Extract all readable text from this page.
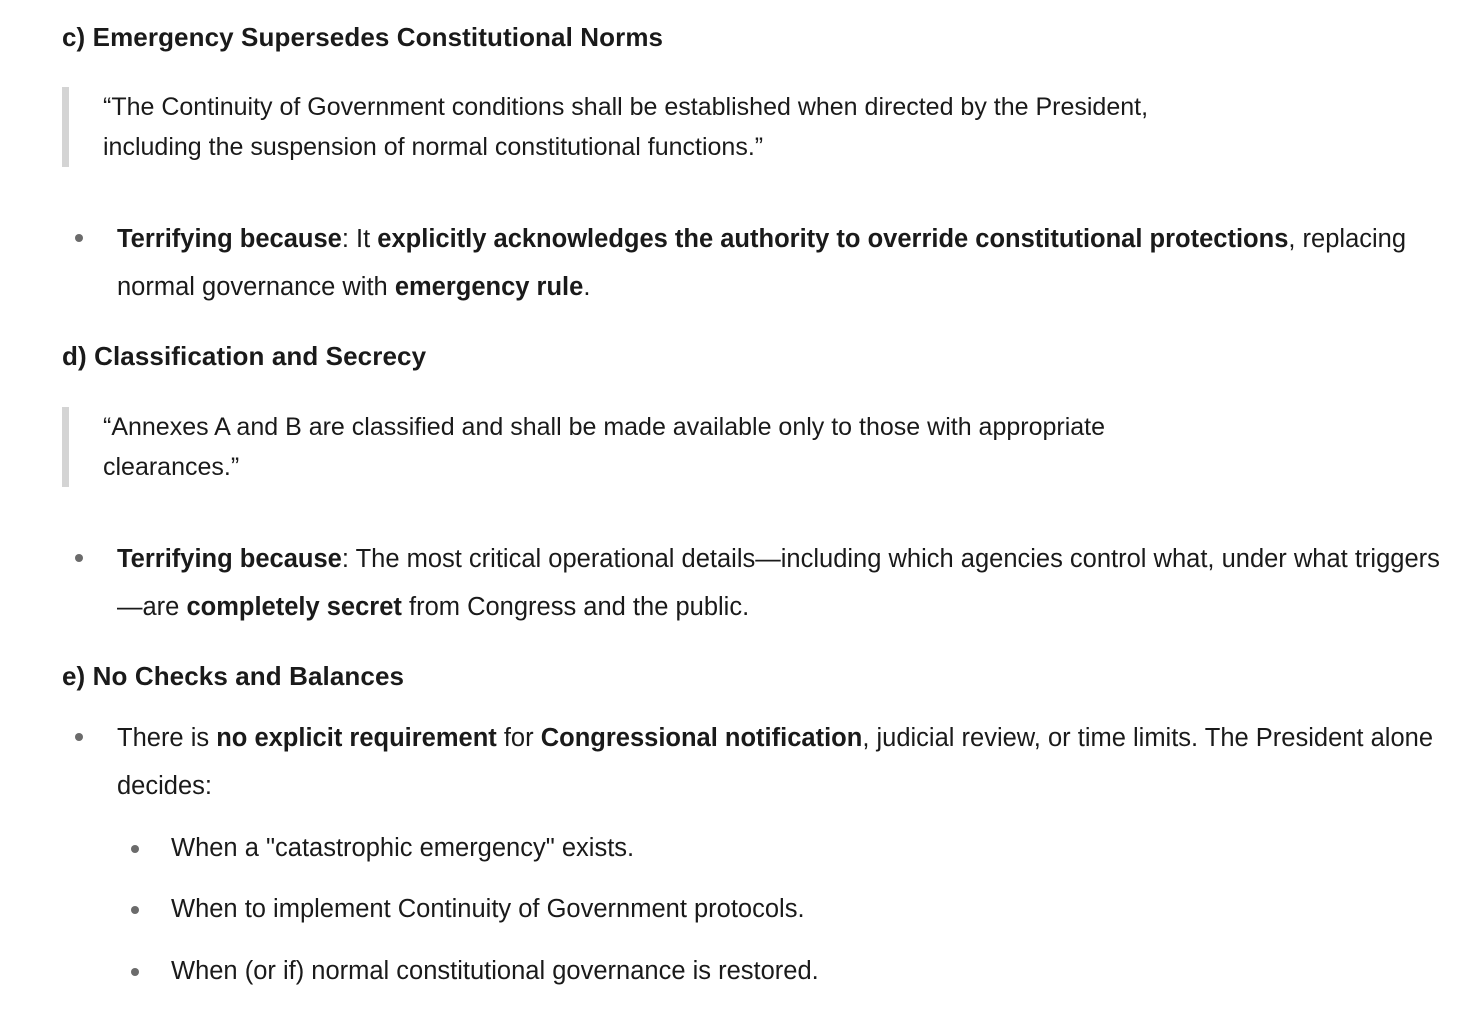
c) Emergency Supersedes Constitutional Norms
“The Continuity of Government conditions shall be established when directed by the President,
including the suspension of normal constitutional functions.”
Terrifying because: It explicitly acknowledges the authority to override constitutional protections, replacing normal governance with emergency rule.
d) Classification and Secrecy
“Annexes A and B are classified and shall be made available only to those with appropriate
clearances.”
Terrifying because: The most critical operational details—including which agencies control what, under what triggers—are completely secret from Congress and the public.
e) No Checks and Balances
There is no explicit requirement for Congressional notification, judicial review, or time limits. The President alone decides:
When a "catastrophic emergency" exists.
When to implement Continuity of Government protocols.
When (or if) normal constitutional governance is restored.
